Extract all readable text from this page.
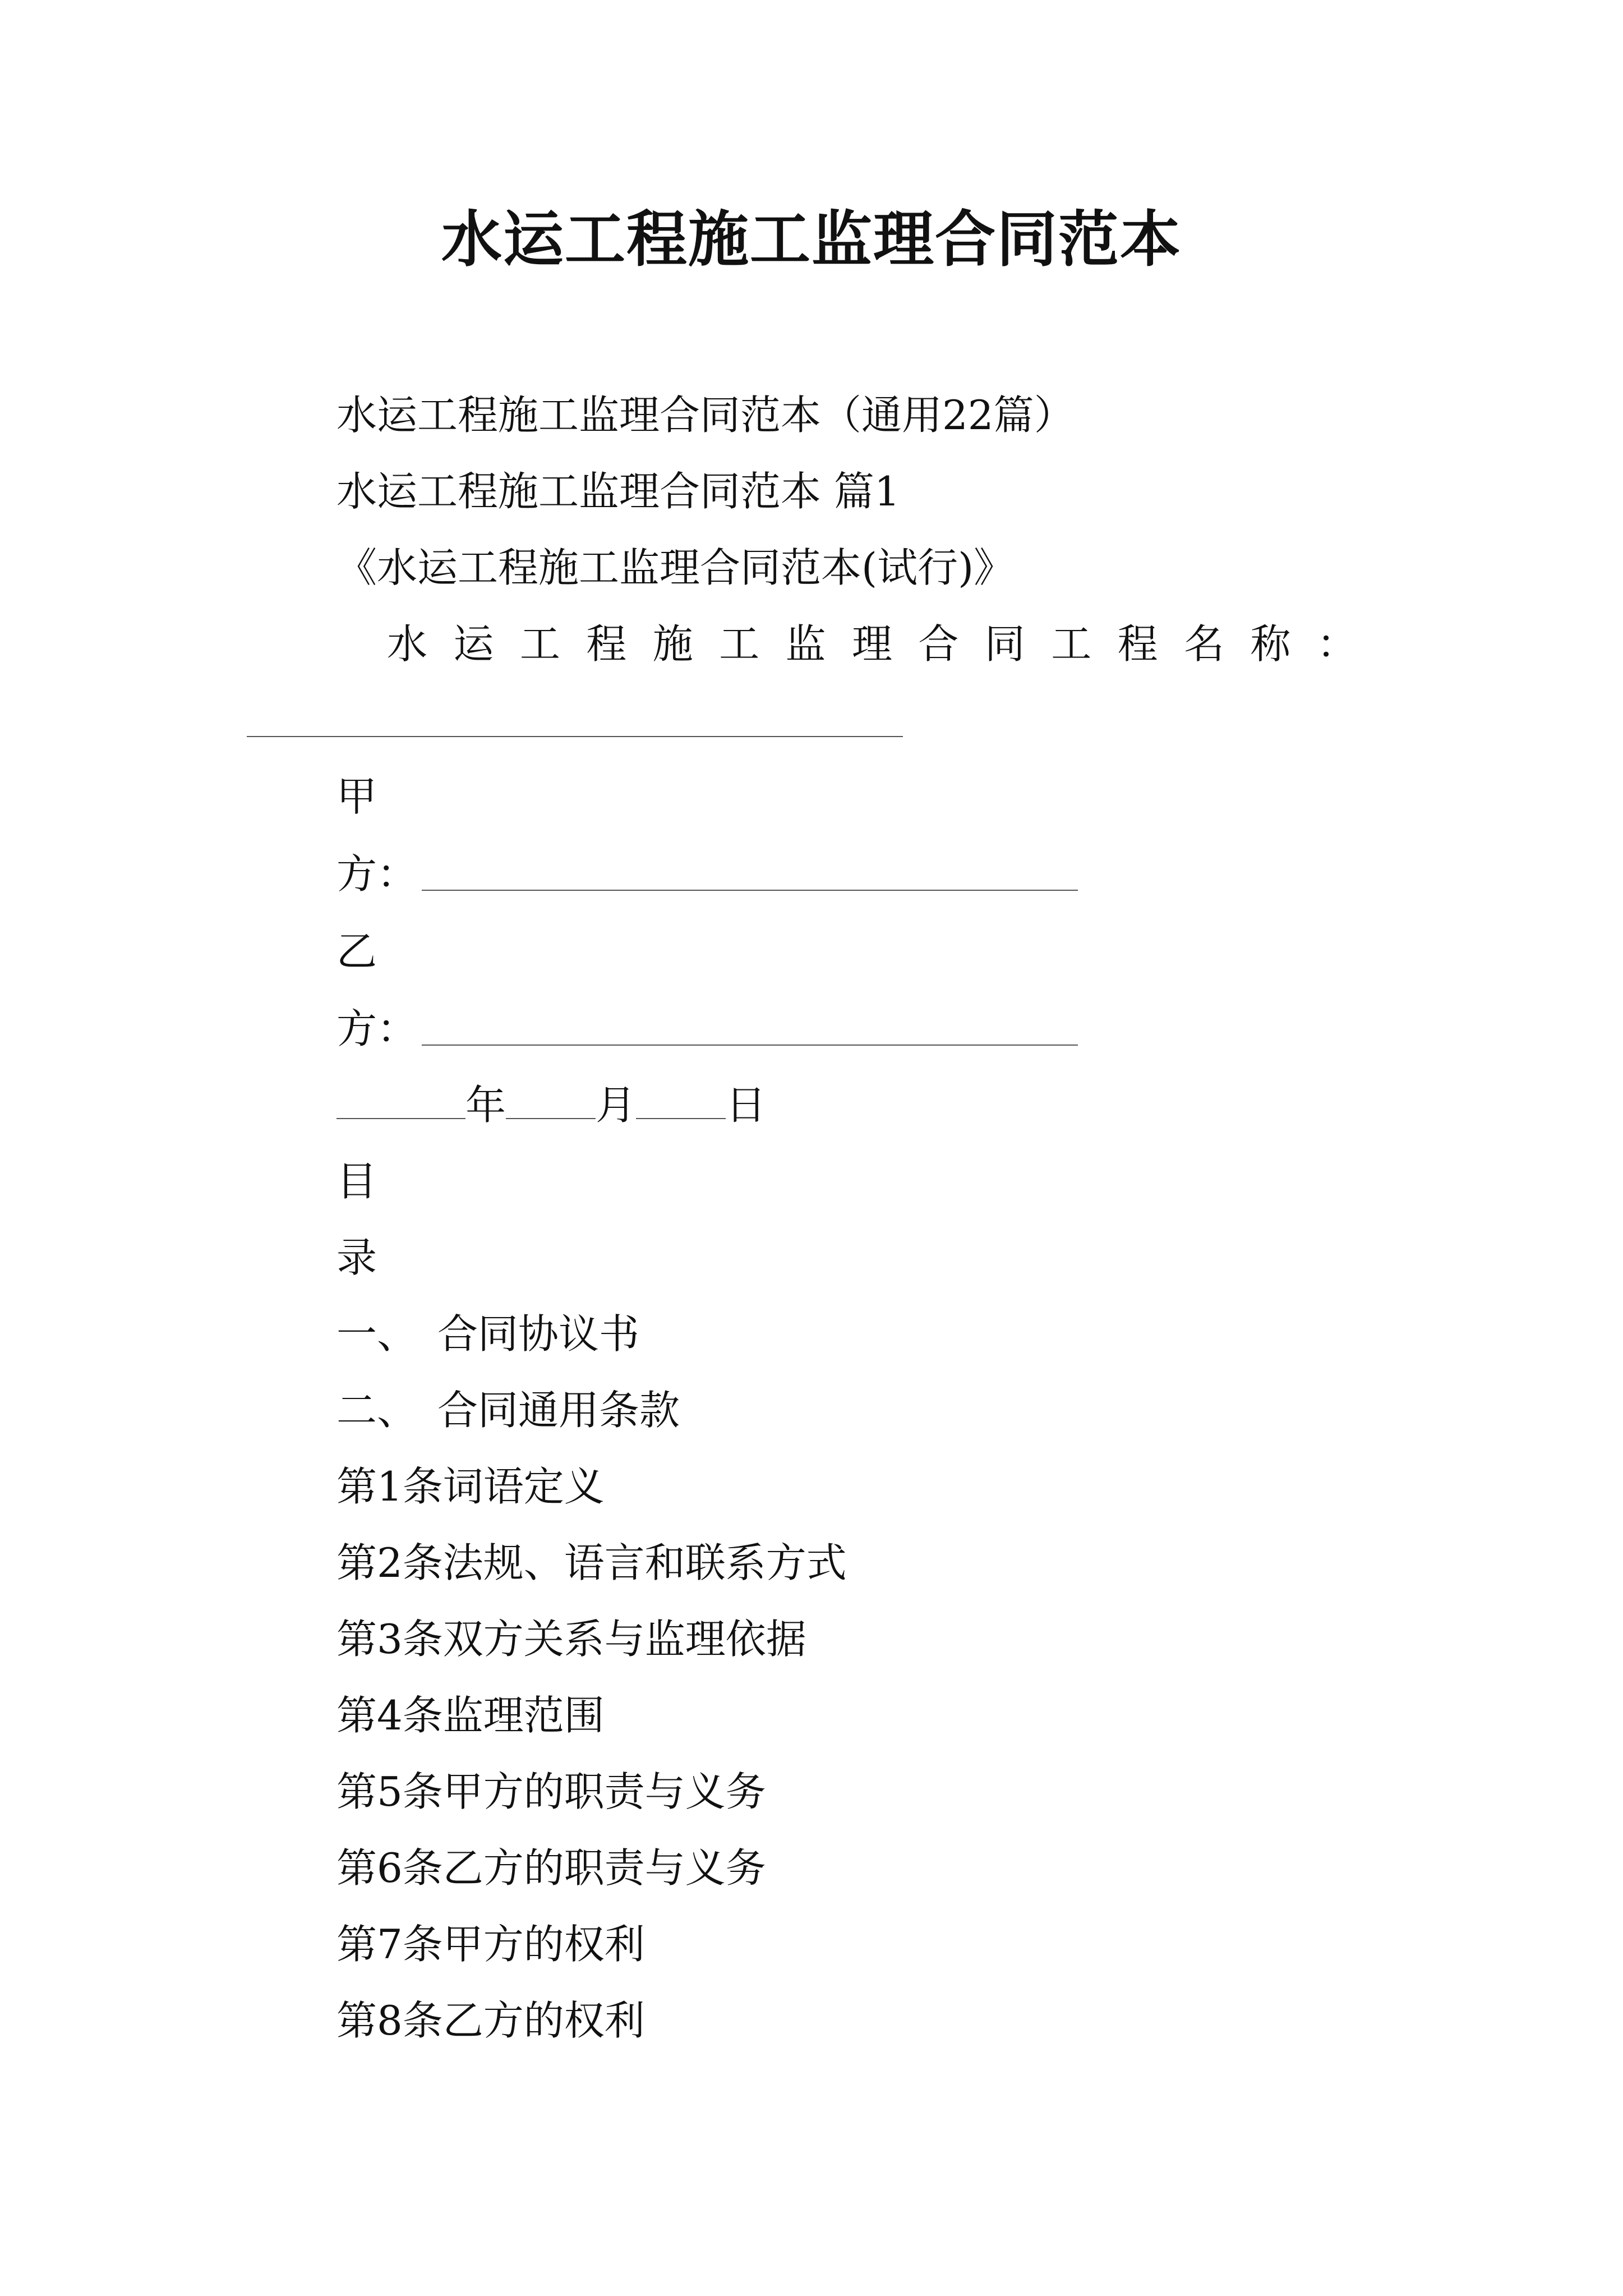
水运工程施工监理合同范本
水运工程施工监理合同范本（通用22篇）
水运工程施工监理合同范本 篇1
《水运工程施工监理合同范本(试行)》
水 运 工 程 施 工 监 理 合 同 工 程 名 称 ：
甲
方：
乙
方：
年 月 日
目
录
一、　合同协议书
二、　合同通用条款
第1条词语定义
第2条法规、语言和联系方式
第3条双方关系与监理依据
第4条监理范围
第5条甲方的职责与义务
第6条乙方的职责与义务
第7条甲方的权利
第8条乙方的权利
